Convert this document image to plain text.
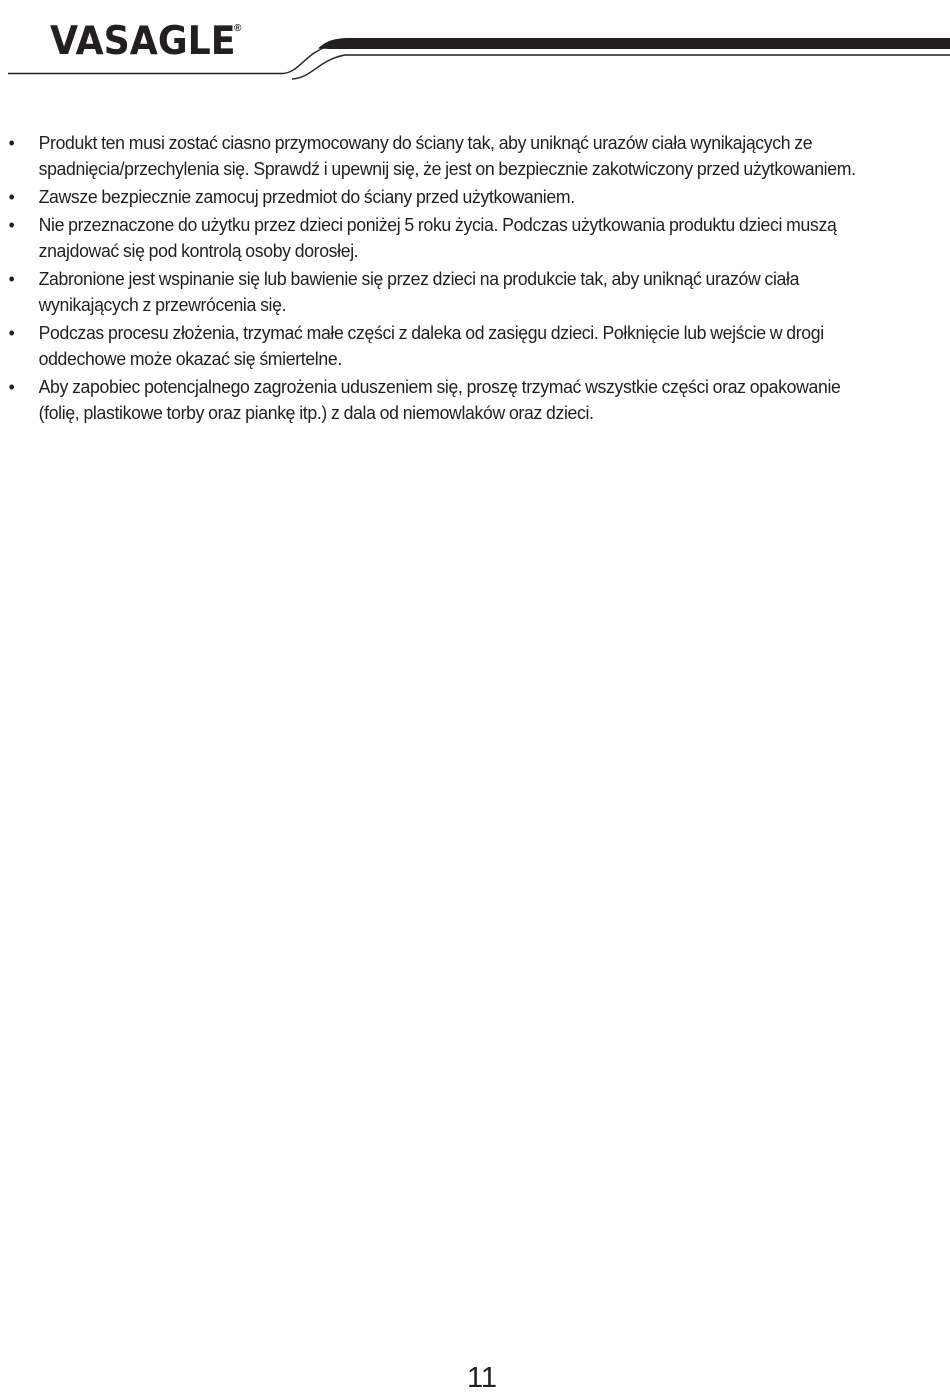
VASAGLE
®
• Produkt ten musi zostać ciasno przymocowany do ściany tak, aby uniknąć urazów ciała wynikających ze spadnięcia/przechylenia się. Sprawdź i upewnij się, że jest on bezpiecznie zakotwiczony przed użytkowaniem.
• Zawsze bezpiecznie zamocuj przedmiot do ściany przed użytkowaniem.
• Nie przeznaczone do użytku przez dzieci poniżej 5 roku życia. Podczas użytkowania produktu dzieci muszą znajdować się pod kontrolą osoby dorosłej.
• Zabronione jest wspinanie się lub bawienie się przez dzieci na produkcie tak, aby uniknąć urazów ciała wynikających z przewrócenia się.
• Podczas procesu złożenia, trzymać małe części z daleka od zasięgu dzieci. Połknięcie lub wejście w drogi oddechowe może okazać się śmiertelne.
• Aby zapobiec potencjalnego zagrożenia uduszeniem się, proszę trzymać wszystkie części oraz opakowanie (folię, plastikowe torby oraz piankę itp.) z dala od niemowlaków oraz dzieci.
11
